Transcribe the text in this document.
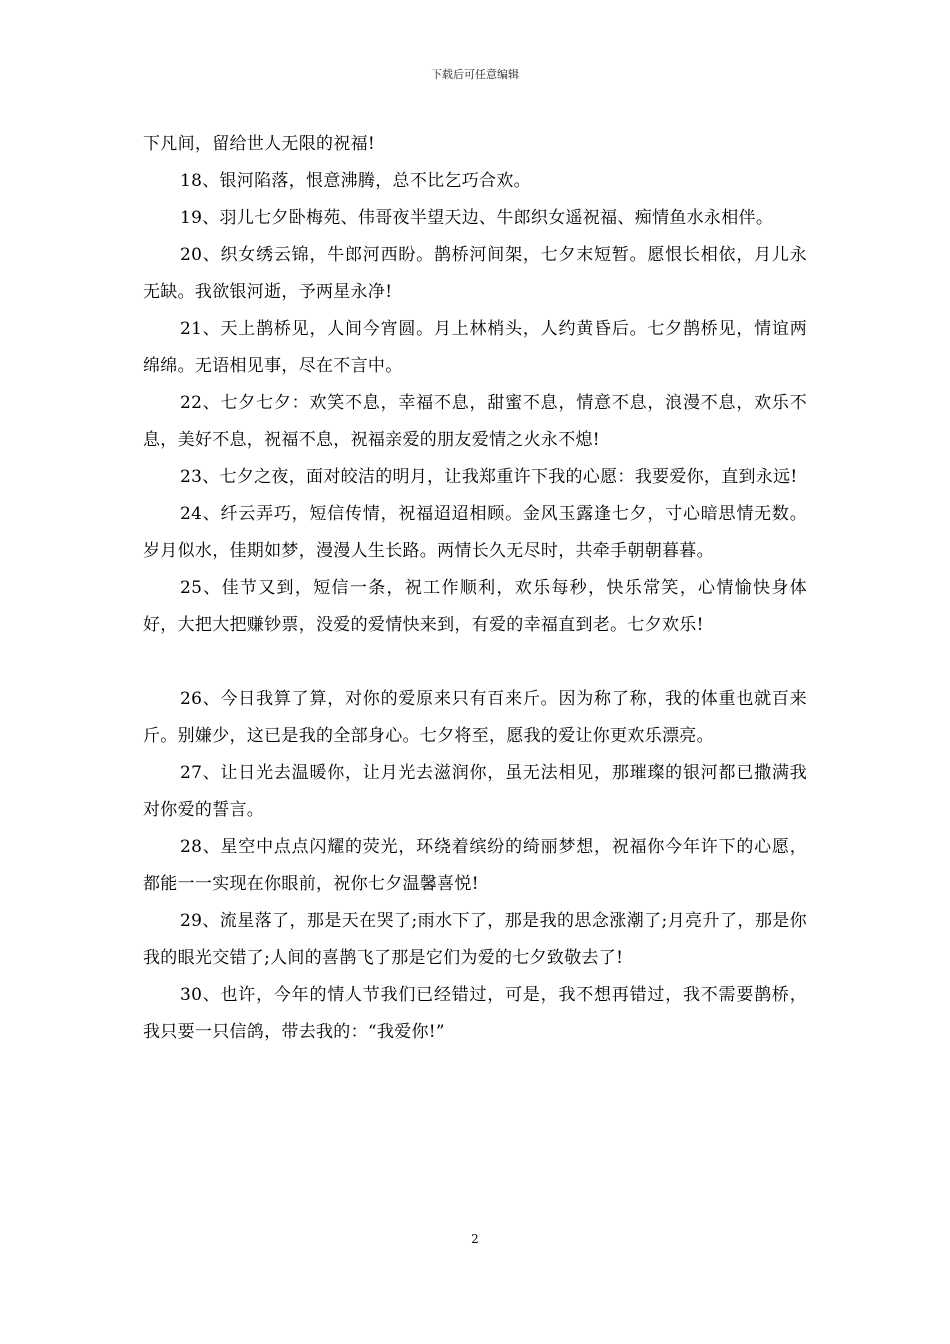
下载后可任意编辑

下凡间，留给世人无限的祝福!

18、银河陷落，恨意沸腾，总不比乞巧合欢。

19、羽儿七夕卧梅苑、伟哥夜半望天边、牛郎织女遥祝福、痴情鱼水永相伴。

20、织女绣云锦，牛郎河西盼。鹊桥河间架，七夕末短暂。愿恨长相依，月儿永无缺。我欲银河逝，予两星永净!

21、天上鹊桥见，人间今宵圆。月上林梢头，人约黄昏后。七夕鹊桥见，情谊两绵绵。无语相见事，尽在不言中。

22、七夕七夕：欢笑不息，幸福不息，甜蜜不息，情意不息，浪漫不息，欢乐不息，美好不息，祝福不息，祝福亲爱的朋友爱情之火永不熄!

23、七夕之夜，面对皎洁的明月，让我郑重许下我的心愿：我要爱你，直到永远!

24、纤云弄巧，短信传情，祝福迢迢相顾。金风玉露逢七夕，寸心暗思情无数。岁月似水，佳期如梦，漫漫人生长路。两情长久无尽时，共牵手朝朝暮暮。

25、佳节又到，短信一条，祝工作顺利，欢乐每秒，快乐常笑，心情愉快身体好，大把大把赚钞票，没爱的爱情快来到，有爱的幸福直到老。七夕欢乐!

26、今日我算了算，对你的爱原来只有百来斤。因为称了称，我的体重也就百来斤。别嫌少，这已是我的全部身心。七夕将至，愿我的爱让你更欢乐漂亮。

27、让日光去温暖你，让月光去滋润你，虽无法相见，那璀璨的银河都已撒满我对你爱的誓言。

28、星空中点点闪耀的荧光，环绕着缤纷的绮丽梦想，祝福你今年许下的心愿，都能一一实现在你眼前，祝你七夕温馨喜悦!

29、流星落了，那是天在哭了;雨水下了，那是我的思念涨潮了;月亮升了，那是你我的眼光交错了;人间的喜鹊飞了那是它们为爱的七夕致敬去了!

30、也许，今年的情人节我们已经错过，可是，我不想再错过，我不需要鹊桥，我只要一只信鸽，带去我的：“我爱你!”

2
